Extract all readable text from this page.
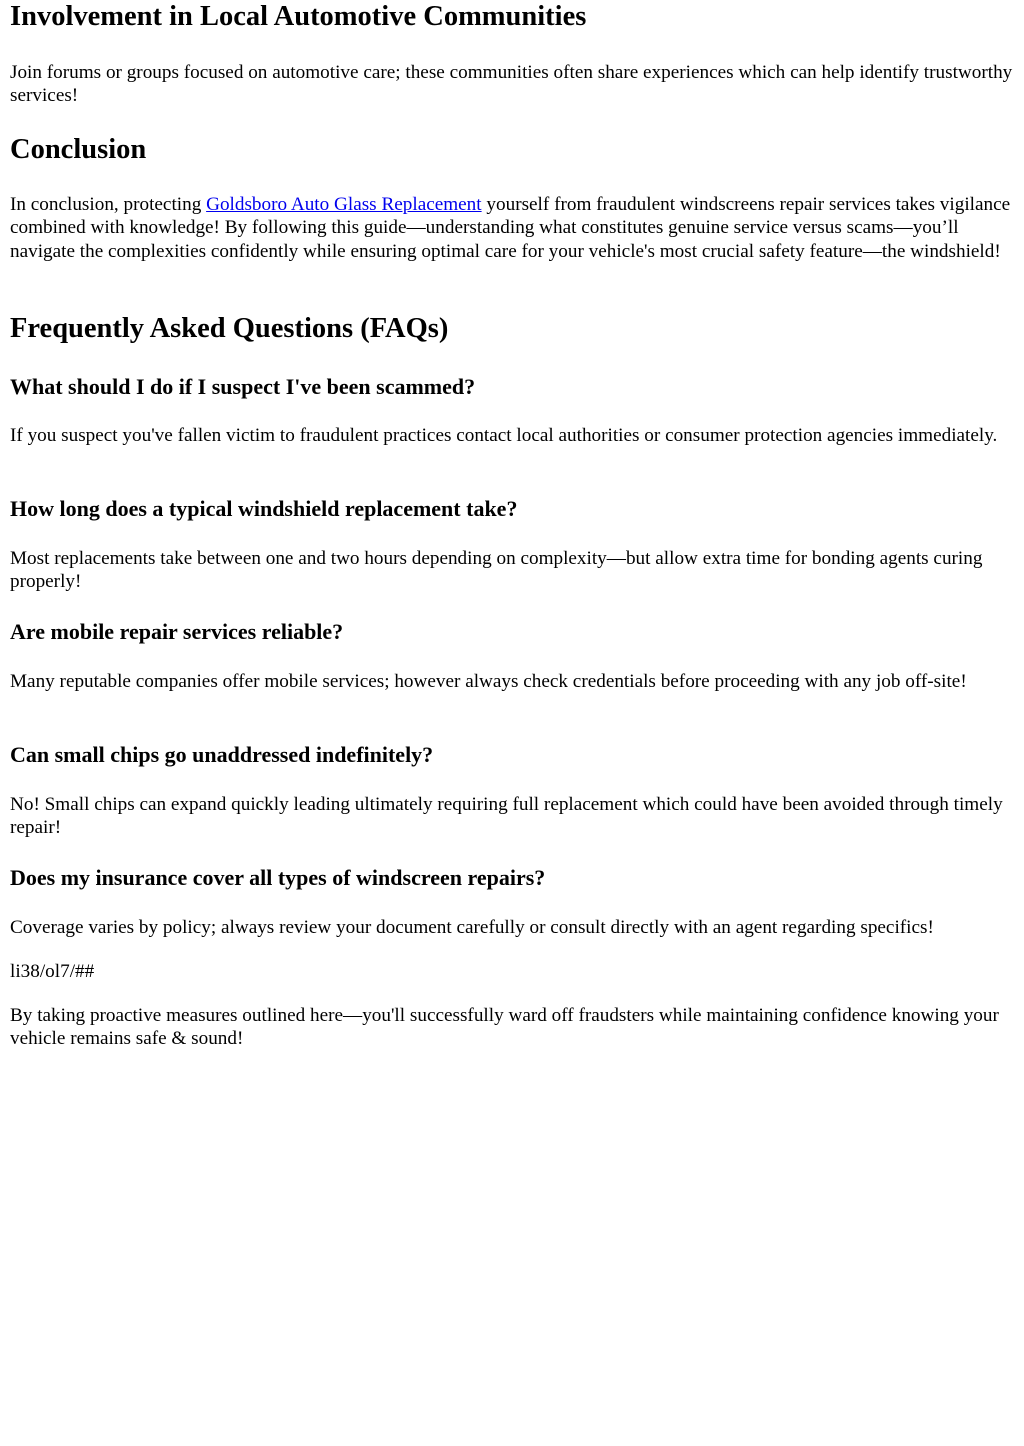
Involvement in Local Automotive Communities

Join forums or groups focused on automotive care; these communities often share experiences which can help identify trustworthy services!

Conclusion

In conclusion, protecting Goldsboro Auto Glass Replacement yourself from fraudulent windscreens repair services takes vigilance combined with knowledge! By following this guide—understanding what constitutes genuine service versus scams—you’ll navigate the complexities confidently while ensuring optimal care for your vehicle's most crucial safety feature—the windshield!

Frequently Asked Questions (FAQs)
What should I do if I suspect I've been scammed?

If you suspect you've fallen victim to fraudulent practices contact local authorities or consumer protection agencies immediately.

How long does a typical windshield replacement take?

Most replacements take between one and two hours depending on complexity—but allow extra time for bonding agents curing properly!

Are mobile repair services reliable?

Many reputable companies offer mobile services; however always check credentials before proceeding with any job off-site!

Can small chips go unaddressed indefinitely?

No! Small chips can expand quickly leading ultimately requiring full replacement which could have been avoided through timely repair!

Does my insurance cover all types of windscreen repairs?

Coverage varies by policy; always review your document carefully or consult directly with an agent regarding specifics!

li38/ol7/##

By taking proactive measures outlined here—you'll successfully ward off fraudsters while maintaining confidence knowing your vehicle remains safe & sound!
